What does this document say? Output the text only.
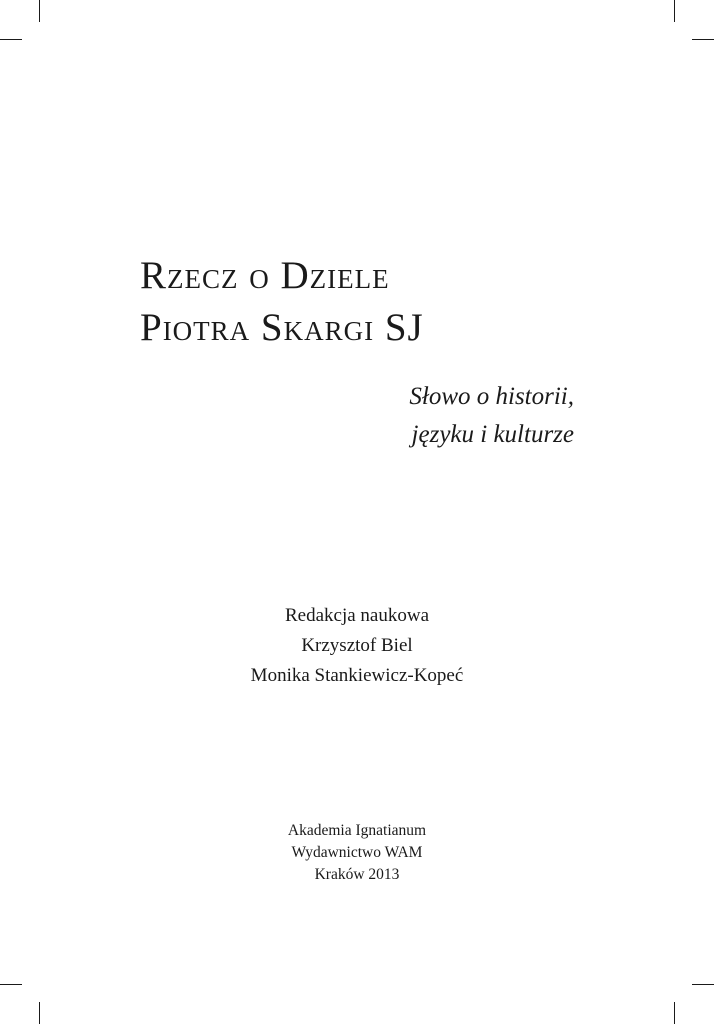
Rzecz o Dziele
Piotra Skargi SJ
Słowo o historii,
języku i kulturze
Redakcja naukowa
Krzysztof Biel
Monika Stankiewicz-Kopeć
Akademia Ignatianum
Wydawnictwo WAM
Kraków 2013
